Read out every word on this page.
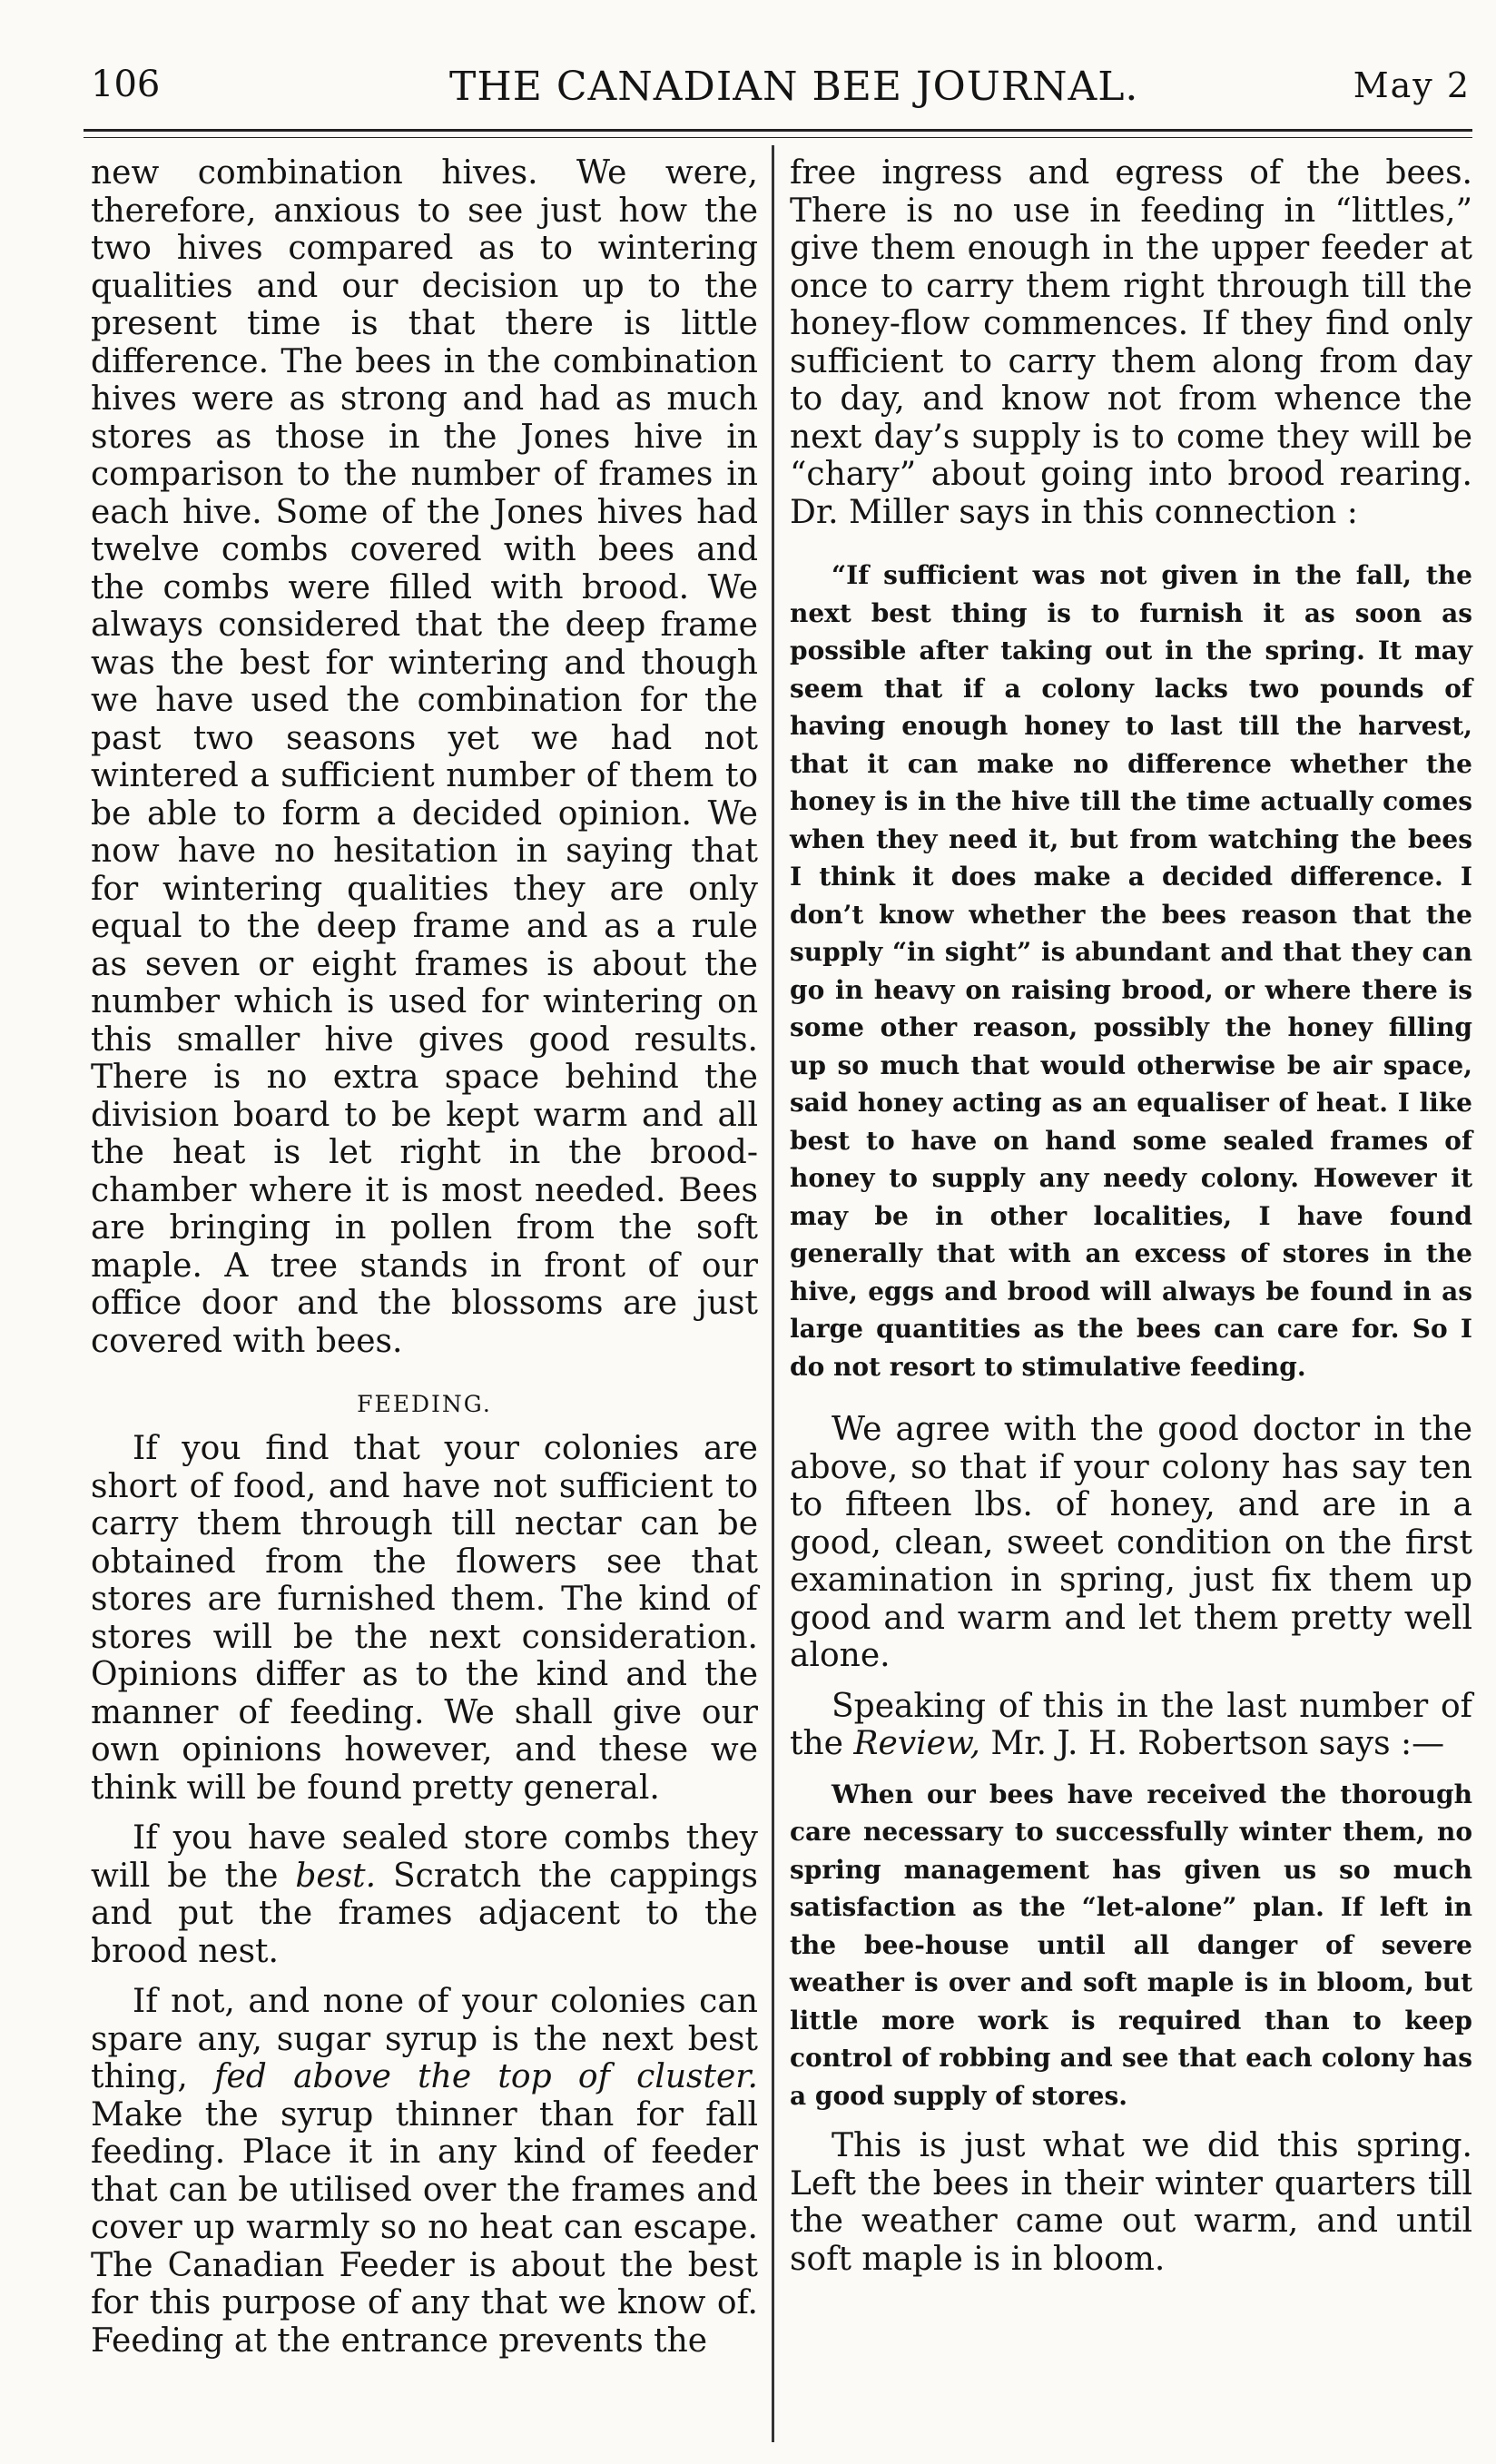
106	THE CANADIAN BEE JOURNAL.	May 2

new combination hives. We were, therefore, anxious to see just how the two hives compared as to wintering qualities and our decision up to the present time is that there is little difference. The bees in the combination hives were as strong and had as much stores as those in the Jones hive in comparison to the number of frames in each hive. Some of the Jones hives had twelve combs covered with bees and the combs were filled with brood. We always considered that the deep frame was the best for wintering and though we have used the combination for the past two seasons yet we had not wintered a sufficient number of them to be able to form a decided opinion. We now have no hesitation in saying that for wintering qualities they are only equal to the deep frame and as a rule as seven or eight frames is about the number which is used for wintering on this smaller hive gives good results. There is no extra space behind the division board to be kept warm and all the heat is let right in the brood-chamber where it is most needed. Bees are bringing in pollen from the soft maple. A tree stands in front of our office door and the blossoms are just covered with bees.

FEEDING.

If you find that your colonies are short of food, and have not sufficient to carry them through till nectar can be obtained from the flowers see that stores are furnished them. The kind of stores will be the next consideration. Opinions differ as to the kind and the manner of feeding. We shall give our own opinions however, and these we think will be found pretty general.

If you have sealed store combs they will be the best. Scratch the cappings and put the frames adjacent to the brood nest.

If not, and none of your colonies can spare any, sugar syrup is the next best thing, fed above the top of cluster. Make the syrup thinner than for fall feeding. Place it in any kind of feeder that can be utilised over the frames and cover up warmly so no heat can escape. The Canadian Feeder is about the best for this purpose of any that we know of. Feeding at the entrance prevents the

free ingress and egress of the bees. There is no use in feeding in “littles,” give them enough in the upper feeder at once to carry them right through till the honey-flow commences. If they find only sufficient to carry them along from day to day, and know not from whence the next day’s supply is to come they will be “chary” about going into brood rearing. Dr. Miller says in this connection :

“If sufficient was not given in the fall, the next best thing is to furnish it as soon as possible after taking out in the spring. It may seem that if a colony lacks two pounds of having enough honey to last till the harvest, that it can make no difference whether the honey is in the hive till the time actually comes when they need it, but from watching the bees I think it does make a decided difference. I don’t know whether the bees reason that the supply “in sight” is abundant and that they can go in heavy on raising brood, or where there is some other reason, possibly the honey filling up so much that would otherwise be air space, said honey acting as an equaliser of heat. I like best to have on hand some sealed frames of honey to supply any needy colony. However it may be in other localities, I have found generally that with an excess of stores in the hive, eggs and brood will always be found in as large quantities as the bees can care for. So I do not resort to stimulative feeding.

We agree with the good doctor in the above, so that if your colony has say ten to fifteen lbs. of honey, and are in a good, clean, sweet condition on the first examination in spring, just fix them up good and warm and let them pretty well alone.

Speaking of this in the last number of the Review, Mr. J. H. Robertson says :—

When our bees have received the thorough care necessary to successfully winter them, no spring management has given us so much satisfaction as the “let-alone” plan. If left in the bee-house until all danger of severe weather is over and soft maple is in bloom, but little more work is required than to keep control of robbing and see that each colony has a good supply of stores.

This is just what we did this spring. Left the bees in their winter quarters till the weather came out warm, and until soft maple is in bloom.
